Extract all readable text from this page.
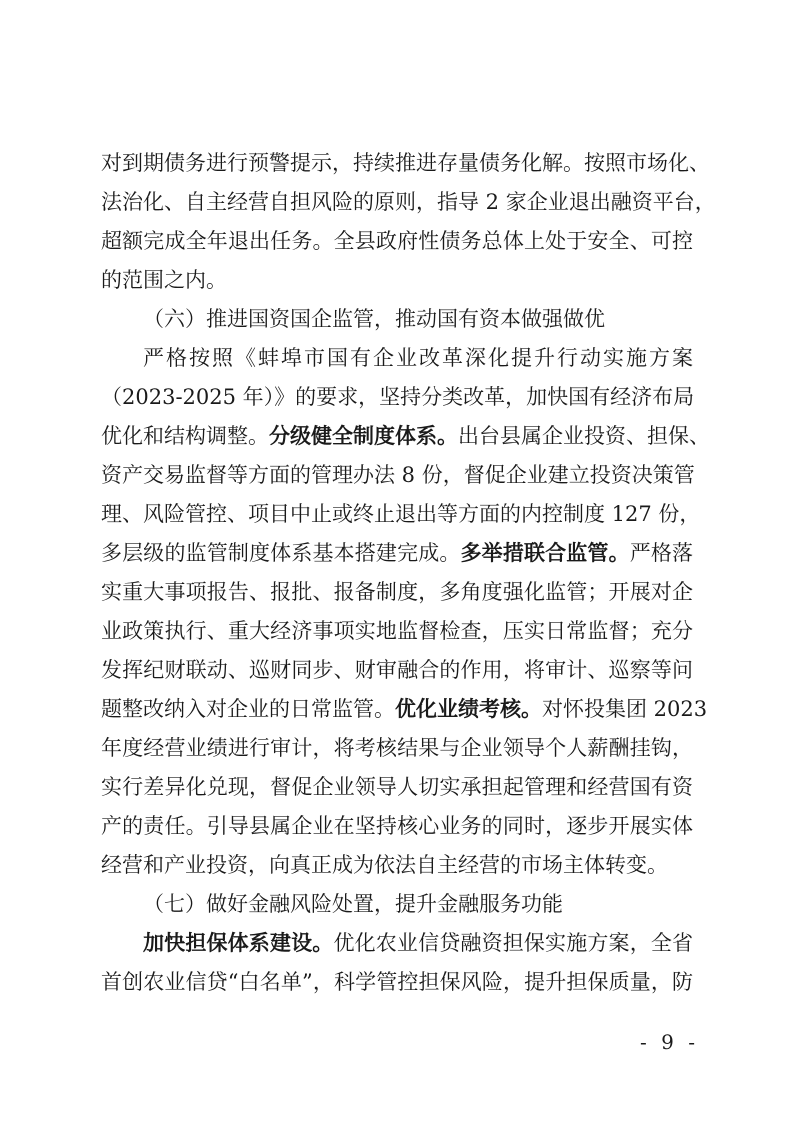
对到期债务进行预警提示，持续推进存量债务化解。按照市场化、
法治化、自主经营自担风险的原则，指导 2 家企业退出融资平台，
超额完成全年退出任务。全县政府性债务总体上处于安全、可控
的范围之内。
（六）推进国资国企监管，推动国有资本做强做优
严格按照《蚌埠市国有企业改革深化提升行动实施方案
（2023-2025 年）》的要求，坚持分类改革，加快国有经济布局
优化和结构调整。分级健全制度体系。出台县属企业投资、担保、
资产交易监督等方面的管理办法 8 份，督促企业建立投资决策管
理、风险管控、项目中止或终止退出等方面的内控制度 127 份，
多层级的监管制度体系基本搭建完成。多举措联合监管。严格落
实重大事项报告、报批、报备制度，多角度强化监管；开展对企
业政策执行、重大经济事项实地监督检查，压实日常监督；充分
发挥纪财联动、巡财同步、财审融合的作用，将审计、巡察等问
题整改纳入对企业的日常监管。优化业绩考核。对怀投集团 2023
年度经营业绩进行审计，将考核结果与企业领导个人薪酬挂钩，
实行差异化兑现，督促企业领导人切实承担起管理和经营国有资
产的责任。引导县属企业在坚持核心业务的同时，逐步开展实体
经营和产业投资，向真正成为依法自主经营的市场主体转变。
（七）做好金融风险处置，提升金融服务功能
加快担保体系建设。优化农业信贷融资担保实施方案，全省
首创农业信贷“白名单”，科学管控担保风险，提升担保质量，防
- 9 -
